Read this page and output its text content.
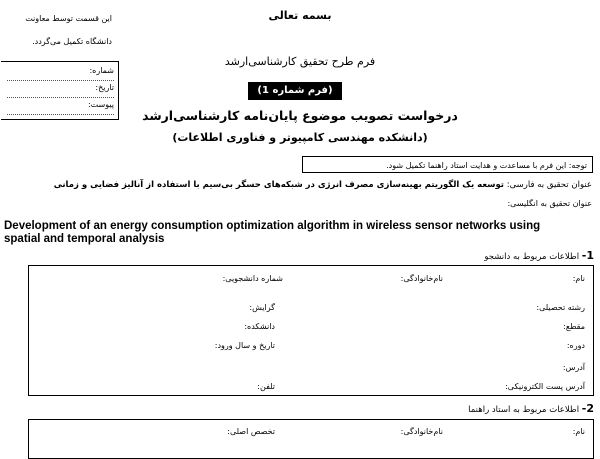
بسمه تعالی
این قسمت توسط معاونت
دانشگاه تکمیل می‌گردد.
شماره:
تاریخ:
پیوست:
فرم طرح تحقیق کارشناسی‌ارشد
(فرم شماره 1)
درخواست تصویب موضوع پایان‌نامه کارشناسی‌ارشد
(دانشکده مهندسی کامپیوتر و فناوری اطلاعات)
توجه: این فرم با مساعدت و هدایت استاد راهنما تکمیل شود.
عنوان تحقیق به فارسی: توسعه یک الگوریتم بهینه‌سازی مصرف انرژی در شبکه‌های حسگر بی‌سیم با استفاده از آنالیز فضایی و زمانی
عنوان تحقیق به انگلیسی:
Development of an energy consumption optimization algorithm in wireless sensor networks using spatial and temporal analysis
1- اطلاعات مربوط به دانشجو
نام:
نام‌خانوادگی:
شماره دانشجویی:
رشته تحصیلی:
گرایش:
مقطع:
دانشکده:
دوره:
تاریخ و سال ورود:
آدرس:
آدرس پست الکترونیکی:
تلفن:
2- اطلاعات مربوط به استاد راهنما
نام:
نام‌خانوادگی:
تخصص اصلی:
